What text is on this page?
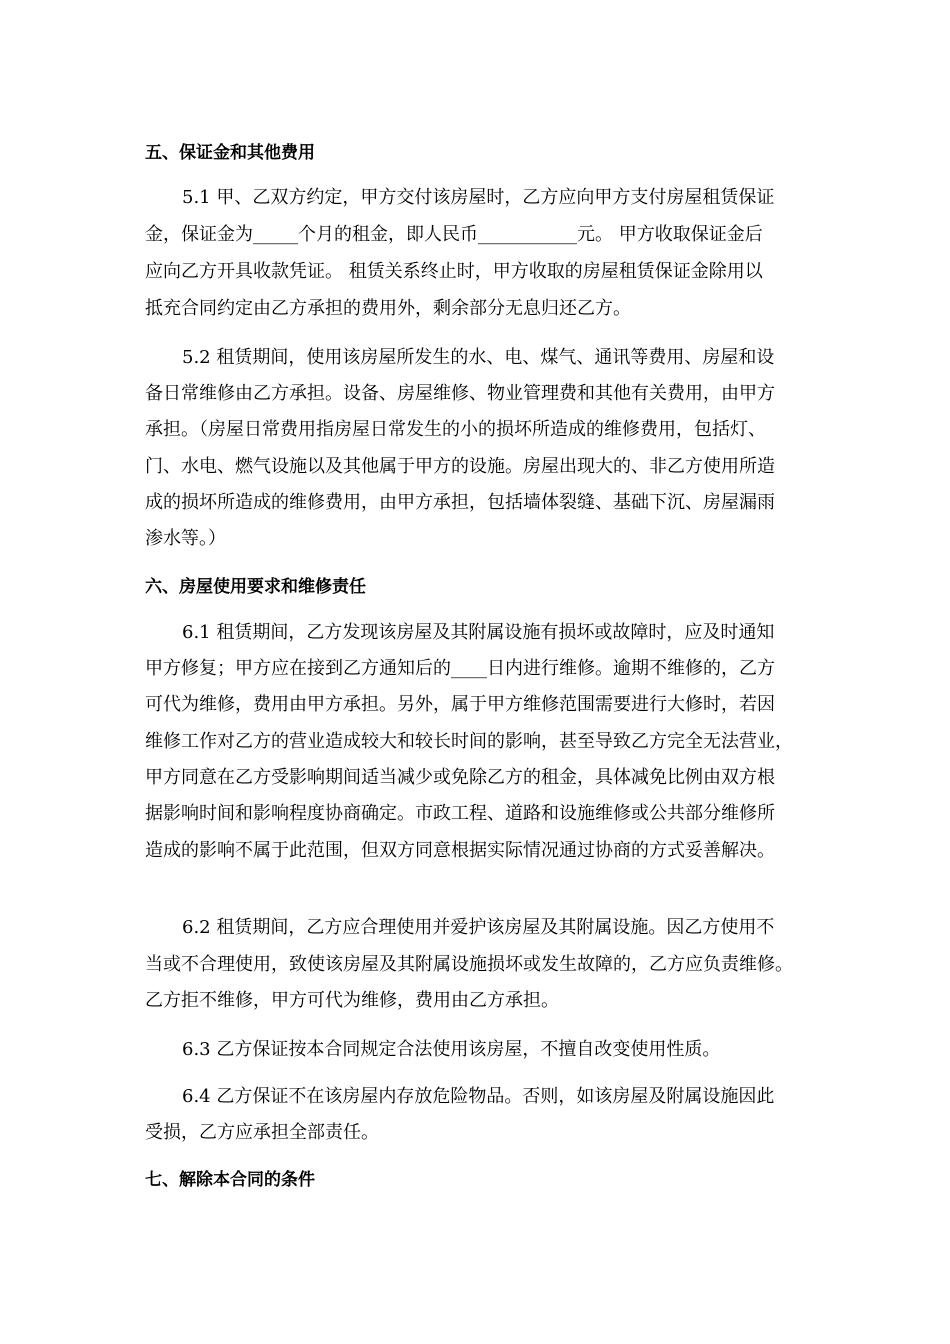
五、保证金和其他费用
5.1 甲、乙双方约定，甲方交付该房屋时，乙方应向甲方支付房屋租赁保证
金，保证金为_____个月的租金，即人民币___________元。 甲方收取保证金后
应向乙方开具收款凭证。 租赁关系终止时，甲方收取的房屋租赁保证金除用以
抵充合同约定由乙方承担的费用外，剩余部分无息归还乙方。
5.2 租赁期间，使用该房屋所发生的水、电、煤气、通讯等费用、房屋和设
备日常维修由乙方承担。设备、房屋维修、物业管理费和其他有关费用，由甲方
承担。（房屋日常费用指房屋日常发生的小的损坏所造成的维修费用，包括灯、
门、水电、燃气设施以及其他属于甲方的设施。房屋出现大的、非乙方使用所造
成的损坏所造成的维修费用，由甲方承担，包括墙体裂缝、基础下沉、房屋漏雨
渗水等。）
六、房屋使用要求和维修责任
6.1 租赁期间，乙方发现该房屋及其附属设施有损坏或故障时，应及时通知
甲方修复；甲方应在接到乙方通知后的____日内进行维修。逾期不维修的，乙方
可代为维修，费用由甲方承担。另外，属于甲方维修范围需要进行大修时，若因
维修工作对乙方的营业造成较大和较长时间的影响，甚至导致乙方完全无法营业，
甲方同意在乙方受影响期间适当减少或免除乙方的租金，具体减免比例由双方根
据影响时间和影响程度协商确定。市政工程、道路和设施维修或公共部分维修所
造成的影响不属于此范围，但双方同意根据实际情况通过协商的方式妥善解决。
6.2 租赁期间，乙方应合理使用并爱护该房屋及其附属设施。因乙方使用不
当或不合理使用，致使该房屋及其附属设施损坏或发生故障的，乙方应负责维修。
乙方拒不维修，甲方可代为维修，费用由乙方承担。
6.3 乙方保证按本合同规定合法使用该房屋，不擅自改变使用性质。
6.4 乙方保证不在该房屋内存放危险物品。否则，如该房屋及附属设施因此
受损，乙方应承担全部责任。
七、解除本合同的条件
